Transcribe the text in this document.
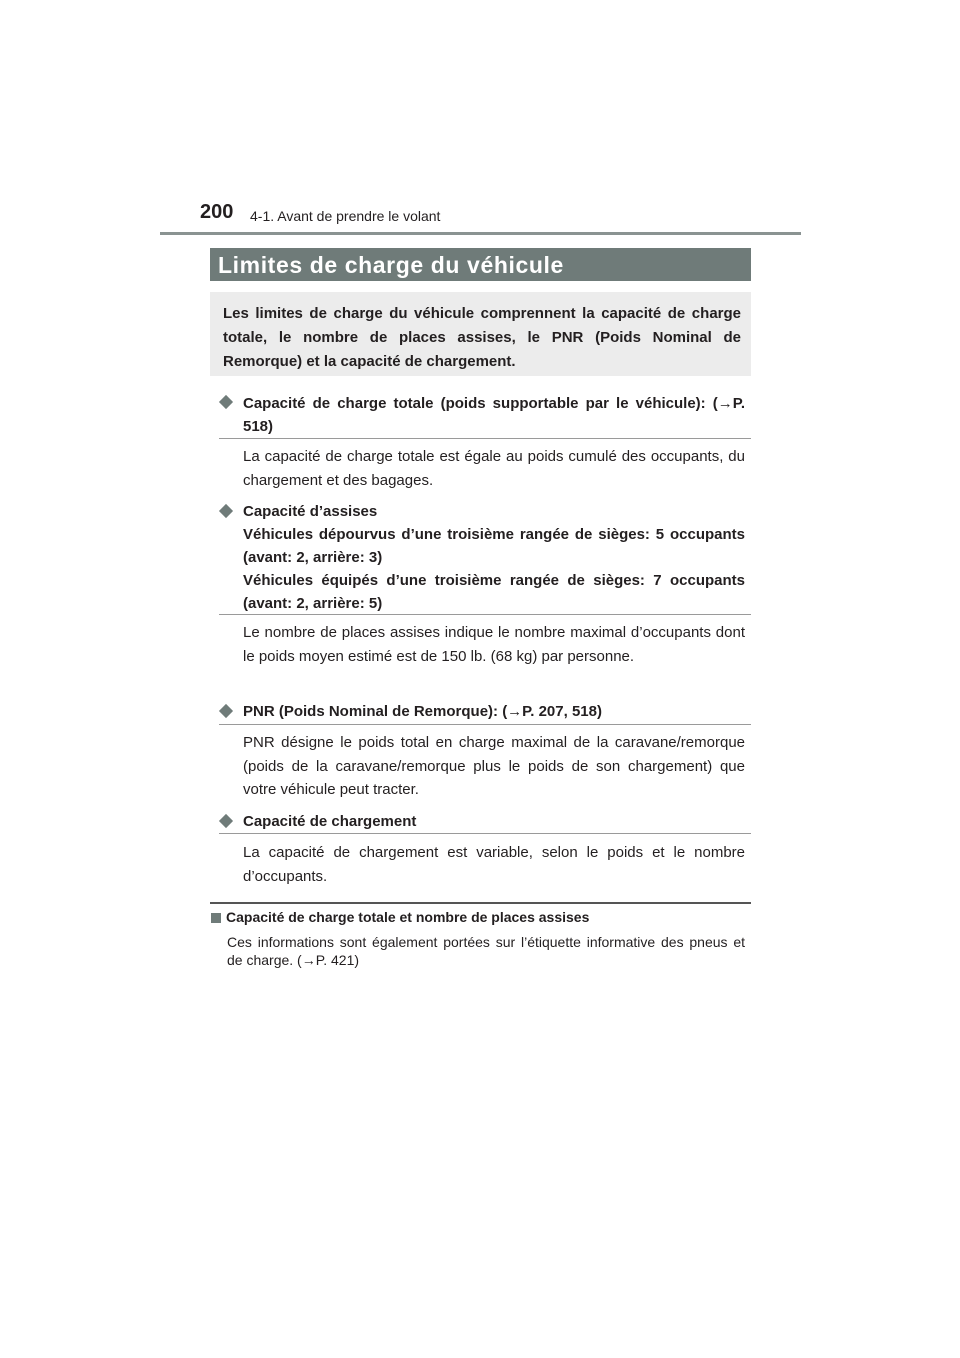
200 4-1. Avant de prendre le volant
Limites de charge du véhicule
Les limites de charge du véhicule comprennent la capacité de charge totale, le nombre de places assises, le PNR (Poids Nominal de Remorque) et la capacité de chargement.
Capacité de charge totale (poids supportable par le véhicule): (→P. 518)
La capacité de charge totale est égale au poids cumulé des occupants, du chargement et des bagages.
Capacité d’assises
Véhicules dépourvus d’une troisième rangée de sièges: 5 occupants (avant: 2, arrière: 3)
Véhicules équipés d’une troisième rangée de sièges: 7 occupants (avant: 2, arrière: 5)
Le nombre de places assises indique le nombre maximal d’occupants dont le poids moyen estimé est de 150 lb. (68 kg) par personne.
PNR (Poids Nominal de Remorque): (→P. 207, 518)
PNR désigne le poids total en charge maximal de la caravane/remorque (poids de la caravane/remorque plus le poids de son chargement) que votre véhicule peut tracter.
Capacité de chargement
La capacité de chargement est variable, selon le poids et le nombre d’occupants.
Capacité de charge totale et nombre de places assises
Ces informations sont également portées sur l’étiquette informative des pneus et de charge. (→P. 421)
